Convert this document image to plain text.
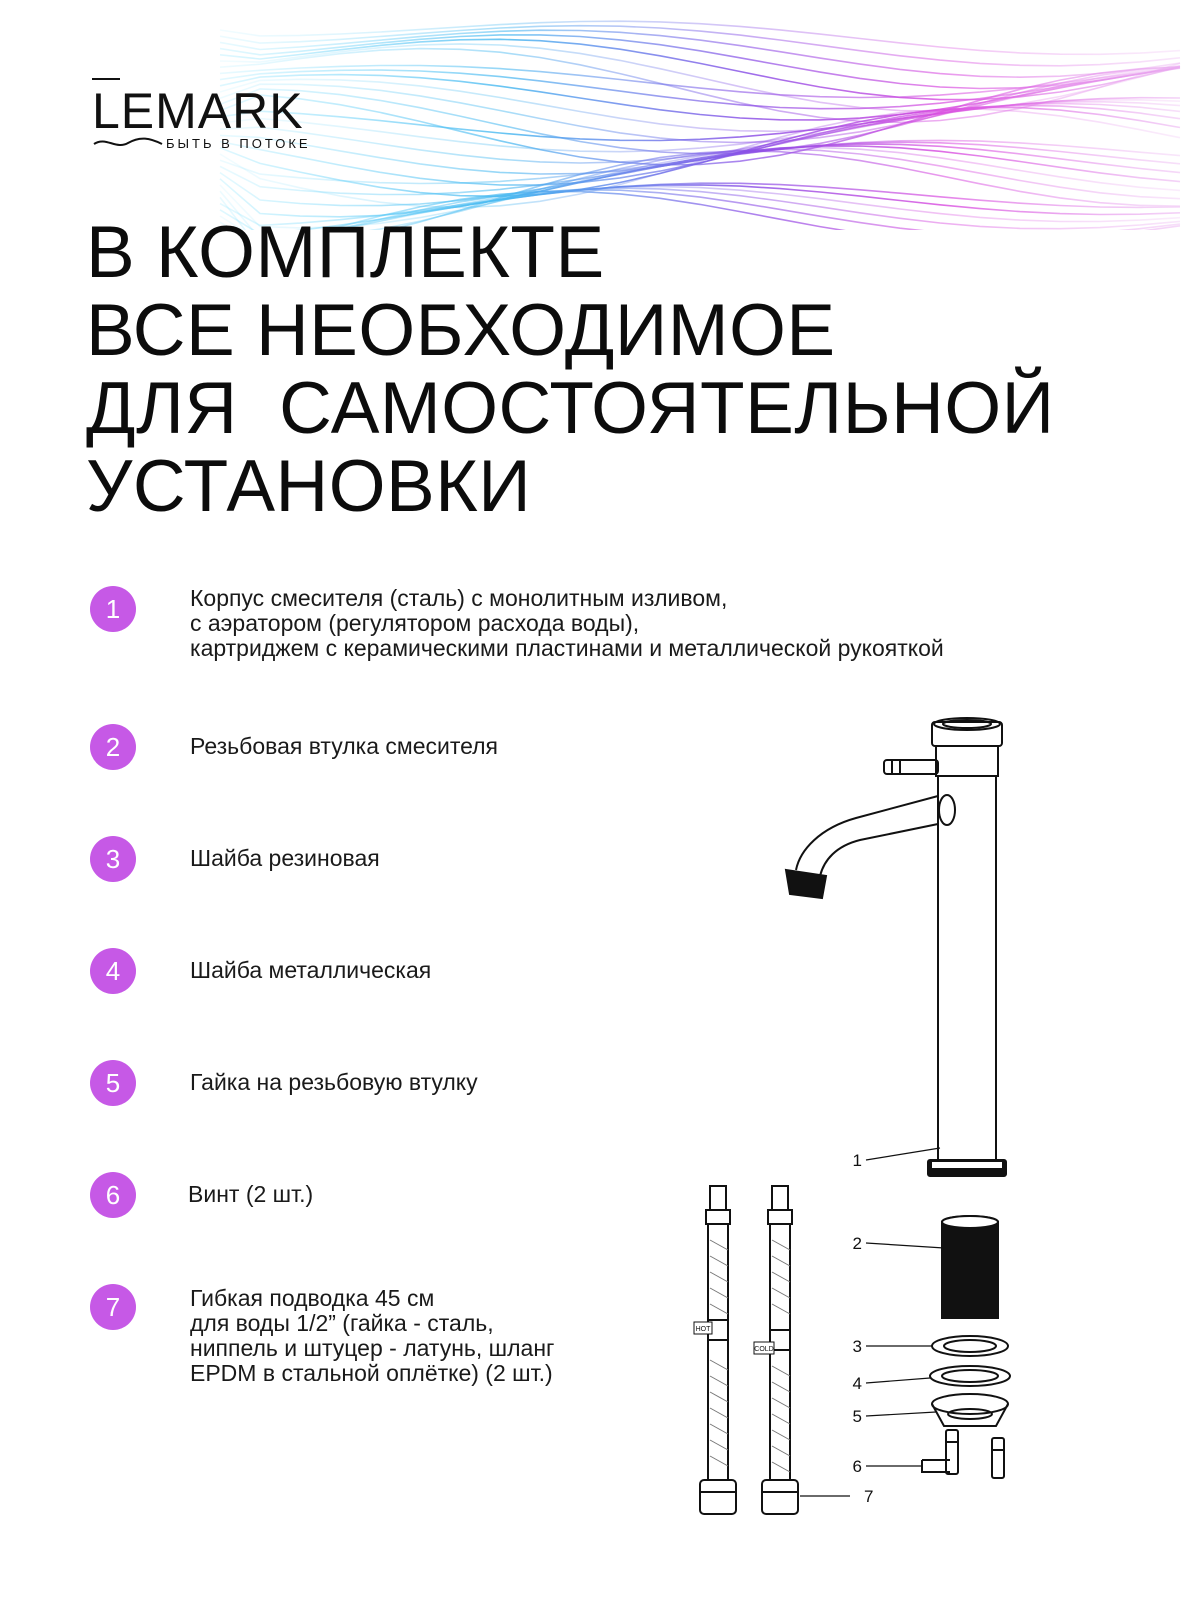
LEMARK
БЫТЬ В ПОТОКЕ
В КОМПЛЕКТЕ
ВСЕ НЕОБХОДИМОЕ
ДЛЯ  САМОСТОЯТЕЛЬНОЙ
УСТАНОВКИ
1	Корпус смесителя (сталь) с монолитным изливом,
с аэратором (регулятором расхода воды),
картриджем с керамическими пластинами и металлической рукояткой
2	Резьбовая втулка смесителя
3	Шайба резиновая
4	Шайба металлическая
5	Гайка на резьбовую втулку
6	Винт (2 шт.)
7	Гибкая подводка 45 см
для воды 1/2” (гайка - сталь,
ниппель и штуцер - латунь, шланг
EPDM в стальной оплётке) (2 шт.)
HOT
COLD
1
2
3
4
5
6
7
